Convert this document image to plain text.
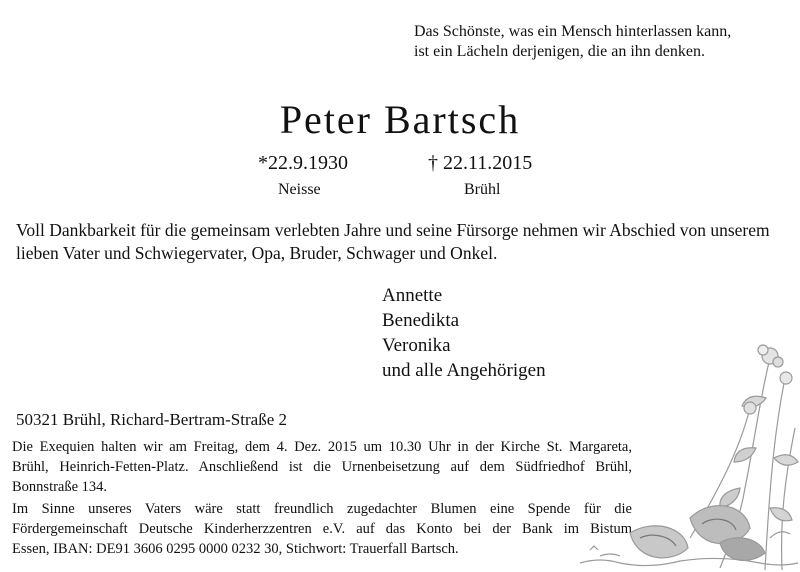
Das Schönste, was ein Mensch hinterlassen kann,
ist ein Lächeln derjenigen, die an ihn denken.
Peter Bartsch
*22.9.1930	† 22.11.2015
Neisse	Brühl
Voll Dankbarkeit für die gemeinsam verlebten Jahre und seine Fürsorge nehmen wir Abschied von unserem
lieben Vater und Schwiegervater, Opa, Bruder, Schwager und Onkel.
Annette
Benedikta
Veronika
und alle Angehörigen
50321 Brühl, Richard-Bertram-Straße 2
Die Exequien halten wir am Freitag, dem 4. Dez. 2015 um 10.30 Uhr in der Kirche St. Margareta,
Brühl, Heinrich-Fetten-Platz. Anschließend ist die Urnenbeisetzung auf dem Südfriedhof Brühl,
Bonnstraße 134.
Im Sinne unseres Vaters wäre statt freundlich zugedachter Blumen eine Spende für die
Fördergemeinschaft Deutsche Kinderherzzentren e.V. auf das Konto bei der Bank im Bistum
Essen, IBAN: DE91 3606 0295 0000 0232 30, Stichwort: Trauerfall Bartsch.
